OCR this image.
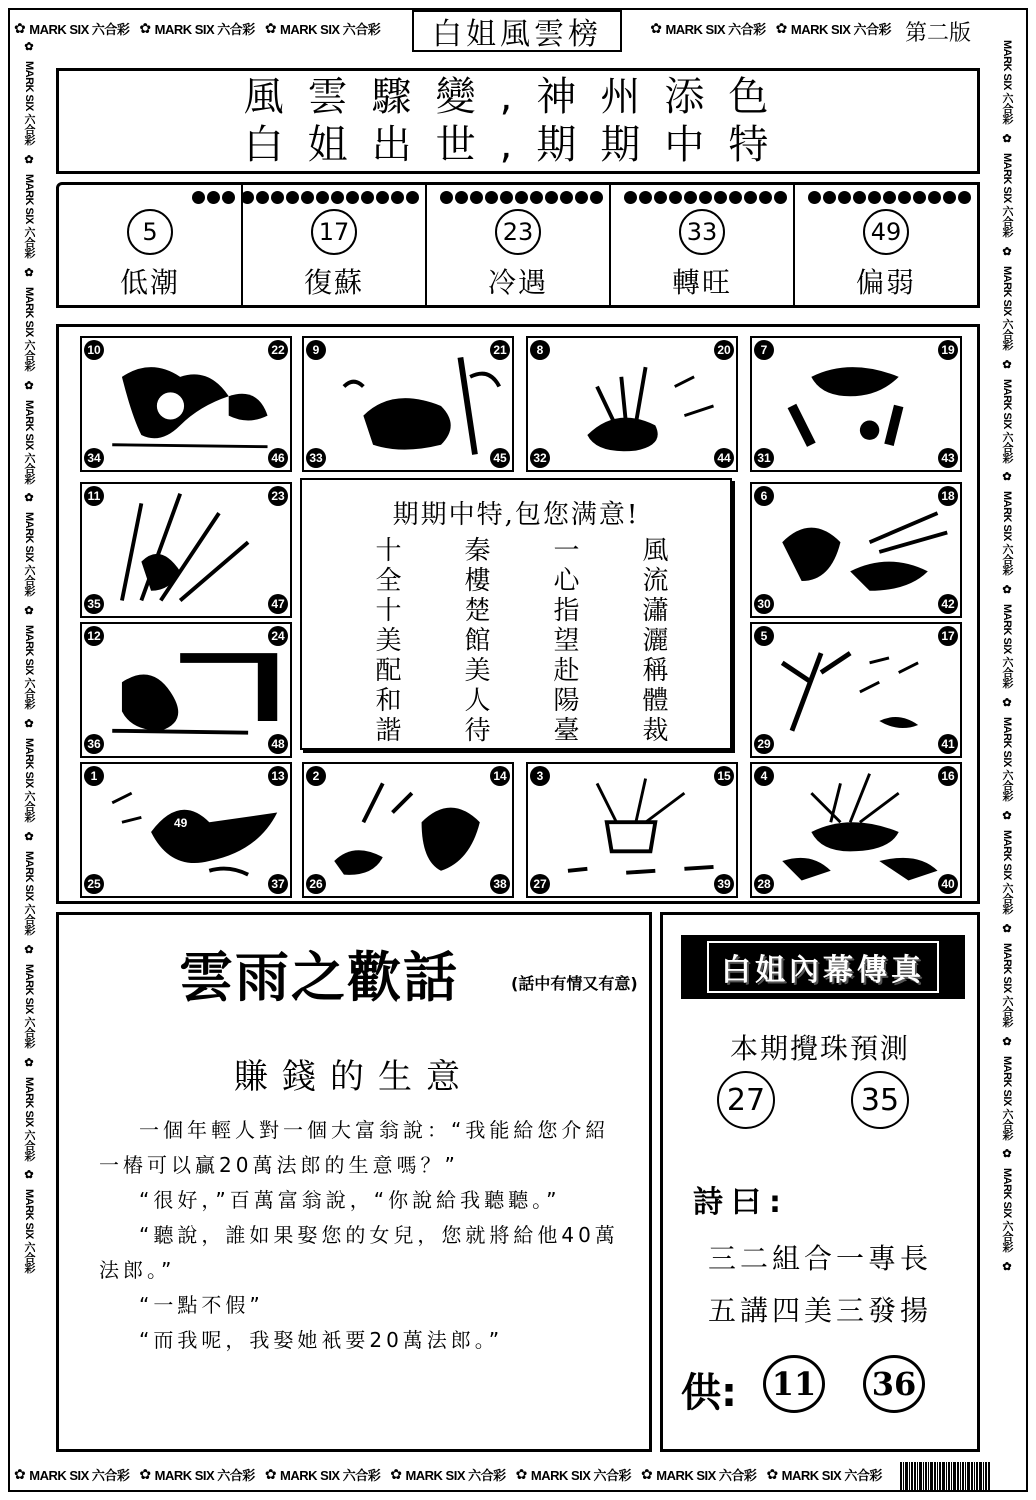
✿ MARK SIX 六合彩 ✿ MARK SIX 六合彩 ✿ MARK SIX 六合彩	✿ MARK SIX 六合彩 ✿ MARK SIX 六合彩
白姐風雲榜	第二版
✿
MARK SIX 六合彩
✿
MARK SIX 六合彩
✿
MARK SIX 六合彩
✿
MARK SIX 六合彩
✿
MARK SIX 六合彩
✿
MARK SIX 六合彩
✿
MARK SIX 六合彩
✿
MARK SIX 六合彩
✿
MARK SIX 六合彩
✿
MARK SIX 六合彩
✿
MARK SIX 六合彩
MARK SIX 六合彩
✿
MARK SIX 六合彩
✿
MARK SIX 六合彩
✿
MARK SIX 六合彩
✿
MARK SIX 六合彩
✿
MARK SIX 六合彩
✿
MARK SIX 六合彩
✿
MARK SIX 六合彩
✿
MARK SIX 六合彩
✿
MARK SIX 六合彩
✿
MARK SIX 六合彩
✿
風雲驟變,神州添色
白姐出世,期期中特
5
低潮
17
復蘇
23
冷遇
33
轉旺
49
偏弱
10	22
34	46
9	21
33	45
8	20
32	44
7	19
31	43
11	23
35	47
6	18
30	42
12	24
36	48
5	17
29	41
1	13
25	37
49
2	14
26	38
3	15
27	39
4	16
28	40
期期中特,包您满意!
十	秦	一	風
全	樓	心	流
十	楚	指	瀟
美	館	望	灑
配	美	赴	稱
和	人	陽	體
諧	待	臺	裁
雲雨之歡話	(話中有情又有意)
賺錢的生意

一個年輕人對一個大富翁說：“我能給您介紹一樁可以贏20萬法郎的生意嗎？”

“很好，”百萬富翁說，“你說給我聽聽。”

“聽說，誰如果娶您的女兒，您就將給他40萬法郎。”

“一點不假”

“而我呢，我娶她衹要20萬法郎。”

白姐內幕傳真
本期攪珠預測
27	35
詩曰:
三二組合一專長
五講四美三發揚
供: 11 36
✿ MARK SIX 六合彩 ✿ MARK SIX 六合彩 ✿ MARK SIX 六合彩 ✿ MARK SIX 六合彩 ✿ MARK SIX 六合彩 ✿ MARK SIX 六合彩 ✿ MARK SIX 六合彩
